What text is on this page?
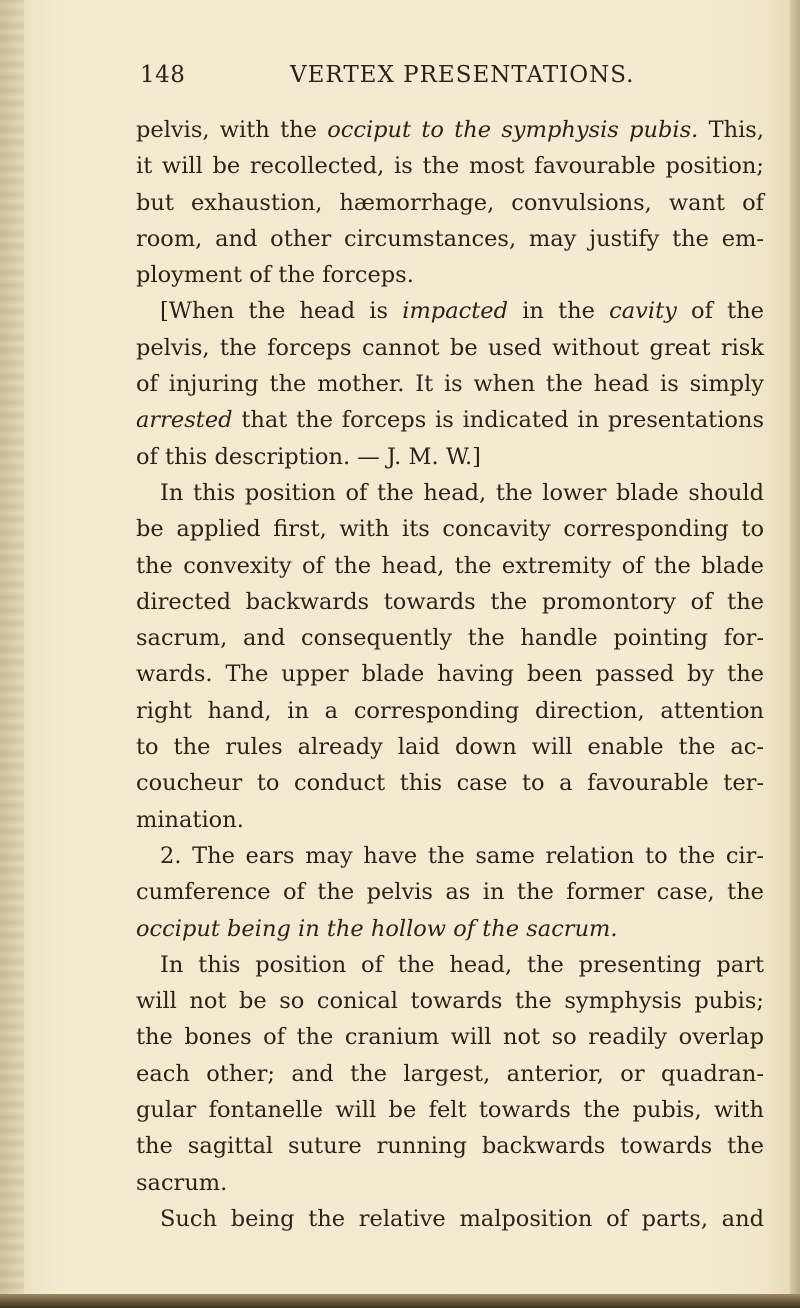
148	VERTEX PRESENTATIONS.
pelvis, with the occiput to the symphysis pubis. This,
it will be recollected, is the most favourable position;
but exhaustion, hæmorrhage, convulsions, want of
room, and other circumstances, may justify the em-
ployment of the forceps.
[When the head is impacted in the cavity of the
pelvis, the forceps cannot be used without great risk
of injuring the mother. It is when the head is simply
arrested that the forceps is indicated in presentations
of this description. — J. M. W.]
In this position of the head, the lower blade should
be applied first, with its concavity corresponding to
the convexity of the head, the extremity of the blade
directed backwards towards the promontory of the
sacrum, and consequently the handle pointing for-
wards. The upper blade having been passed by the
right hand, in a corresponding direction, attention
to the rules already laid down will enable the ac-
coucheur to conduct this case to a favourable ter-
mination.
2. The ears may have the same relation to the cir-
cumference of the pelvis as in the former case, the
occiput being in the hollow of the sacrum.
In this position of the head, the presenting part
will not be so conical towards the symphysis pubis;
the bones of the cranium will not so readily overlap
each other; and the largest, anterior, or quadran-
gular fontanelle will be felt towards the pubis, with
the sagittal suture running backwards towards the
sacrum.
Such being the relative malposition of parts, and
